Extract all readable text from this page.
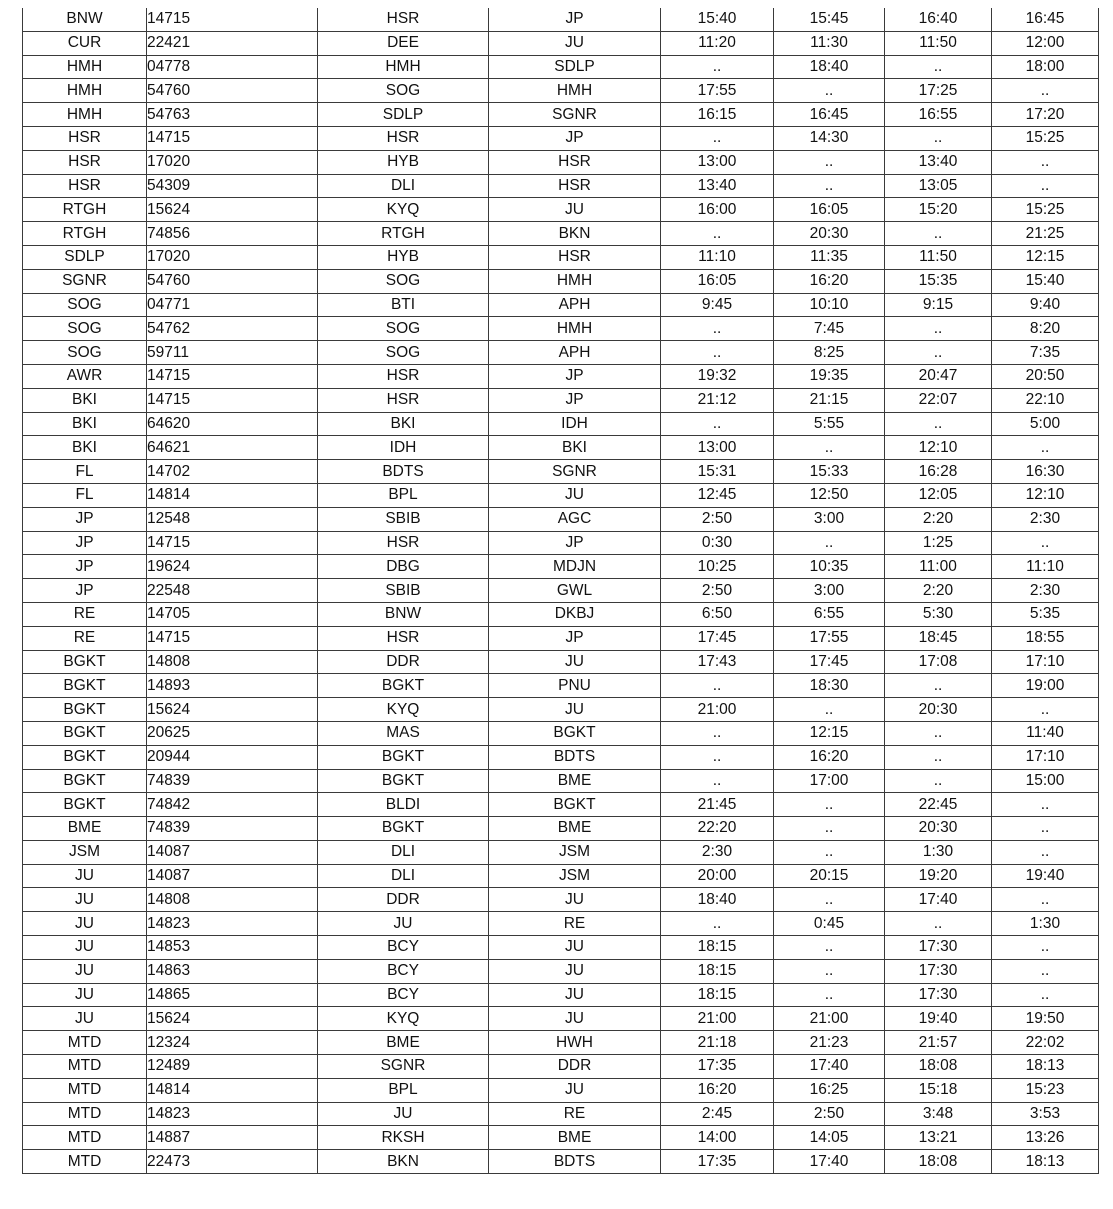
BNW	14715	HSR	JP	15:40	15:45	16:40	16:45
CUR	22421	DEE	JU	11:20	11:30	11:50	12:00
HMH	04778	HMH	SDLP	..	18:40	..	18:00
HMH	54760	SOG	HMH	17:55	..	17:25	..
HMH	54763	SDLP	SGNR	16:15	16:45	16:55	17:20
HSR	14715	HSR	JP	..	14:30	..	15:25
HSR	17020	HYB	HSR	13:00	..	13:40	..
HSR	54309	DLI	HSR	13:40	..	13:05	..
RTGH	15624	KYQ	JU	16:00	16:05	15:20	15:25
RTGH	74856	RTGH	BKN	..	20:30	..	21:25
SDLP	17020	HYB	HSR	11:10	11:35	11:50	12:15
SGNR	54760	SOG	HMH	16:05	16:20	15:35	15:40
SOG	04771	BTI	APH	9:45	10:10	9:15	9:40
SOG	54762	SOG	HMH	..	7:45	..	8:20
SOG	59711	SOG	APH	..	8:25	..	7:35
AWR	14715	HSR	JP	19:32	19:35	20:47	20:50
BKI	14715	HSR	JP	21:12	21:15	22:07	22:10
BKI	64620	BKI	IDH	..	5:55	..	5:00
BKI	64621	IDH	BKI	13:00	..	12:10	..
FL	14702	BDTS	SGNR	15:31	15:33	16:28	16:30
FL	14814	BPL	JU	12:45	12:50	12:05	12:10
JP	12548	SBIB	AGC	2:50	3:00	2:20	2:30
JP	14715	HSR	JP	0:30	..	1:25	..
JP	19624	DBG	MDJN	10:25	10:35	11:00	11:10
JP	22548	SBIB	GWL	2:50	3:00	2:20	2:30
RE	14705	BNW	DKBJ	6:50	6:55	5:30	5:35
RE	14715	HSR	JP	17:45	17:55	18:45	18:55
BGKT	14808	DDR	JU	17:43	17:45	17:08	17:10
BGKT	14893	BGKT	PNU	..	18:30	..	19:00
BGKT	15624	KYQ	JU	21:00	..	20:30	..
BGKT	20625	MAS	BGKT	..	12:15	..	11:40
BGKT	20944	BGKT	BDTS	..	16:20	..	17:10
BGKT	74839	BGKT	BME	..	17:00	..	15:00
BGKT	74842	BLDI	BGKT	21:45	..	22:45	..
BME	74839	BGKT	BME	22:20	..	20:30	..
JSM	14087	DLI	JSM	2:30	..	1:30	..
JU	14087	DLI	JSM	20:00	20:15	19:20	19:40
JU	14808	DDR	JU	18:40	..	17:40	..
JU	14823	JU	RE	..	0:45	..	1:30
JU	14853	BCY	JU	18:15	..	17:30	..
JU	14863	BCY	JU	18:15	..	17:30	..
JU	14865	BCY	JU	18:15	..	17:30	..
JU	15624	KYQ	JU	21:00	21:00	19:40	19:50
MTD	12324	BME	HWH	21:18	21:23	21:57	22:02
MTD	12489	SGNR	DDR	17:35	17:40	18:08	18:13
MTD	14814	BPL	JU	16:20	16:25	15:18	15:23
MTD	14823	JU	RE	2:45	2:50	3:48	3:53
MTD	14887	RKSH	BME	14:00	14:05	13:21	13:26
MTD	22473	BKN	BDTS	17:35	17:40	18:08	18:13
